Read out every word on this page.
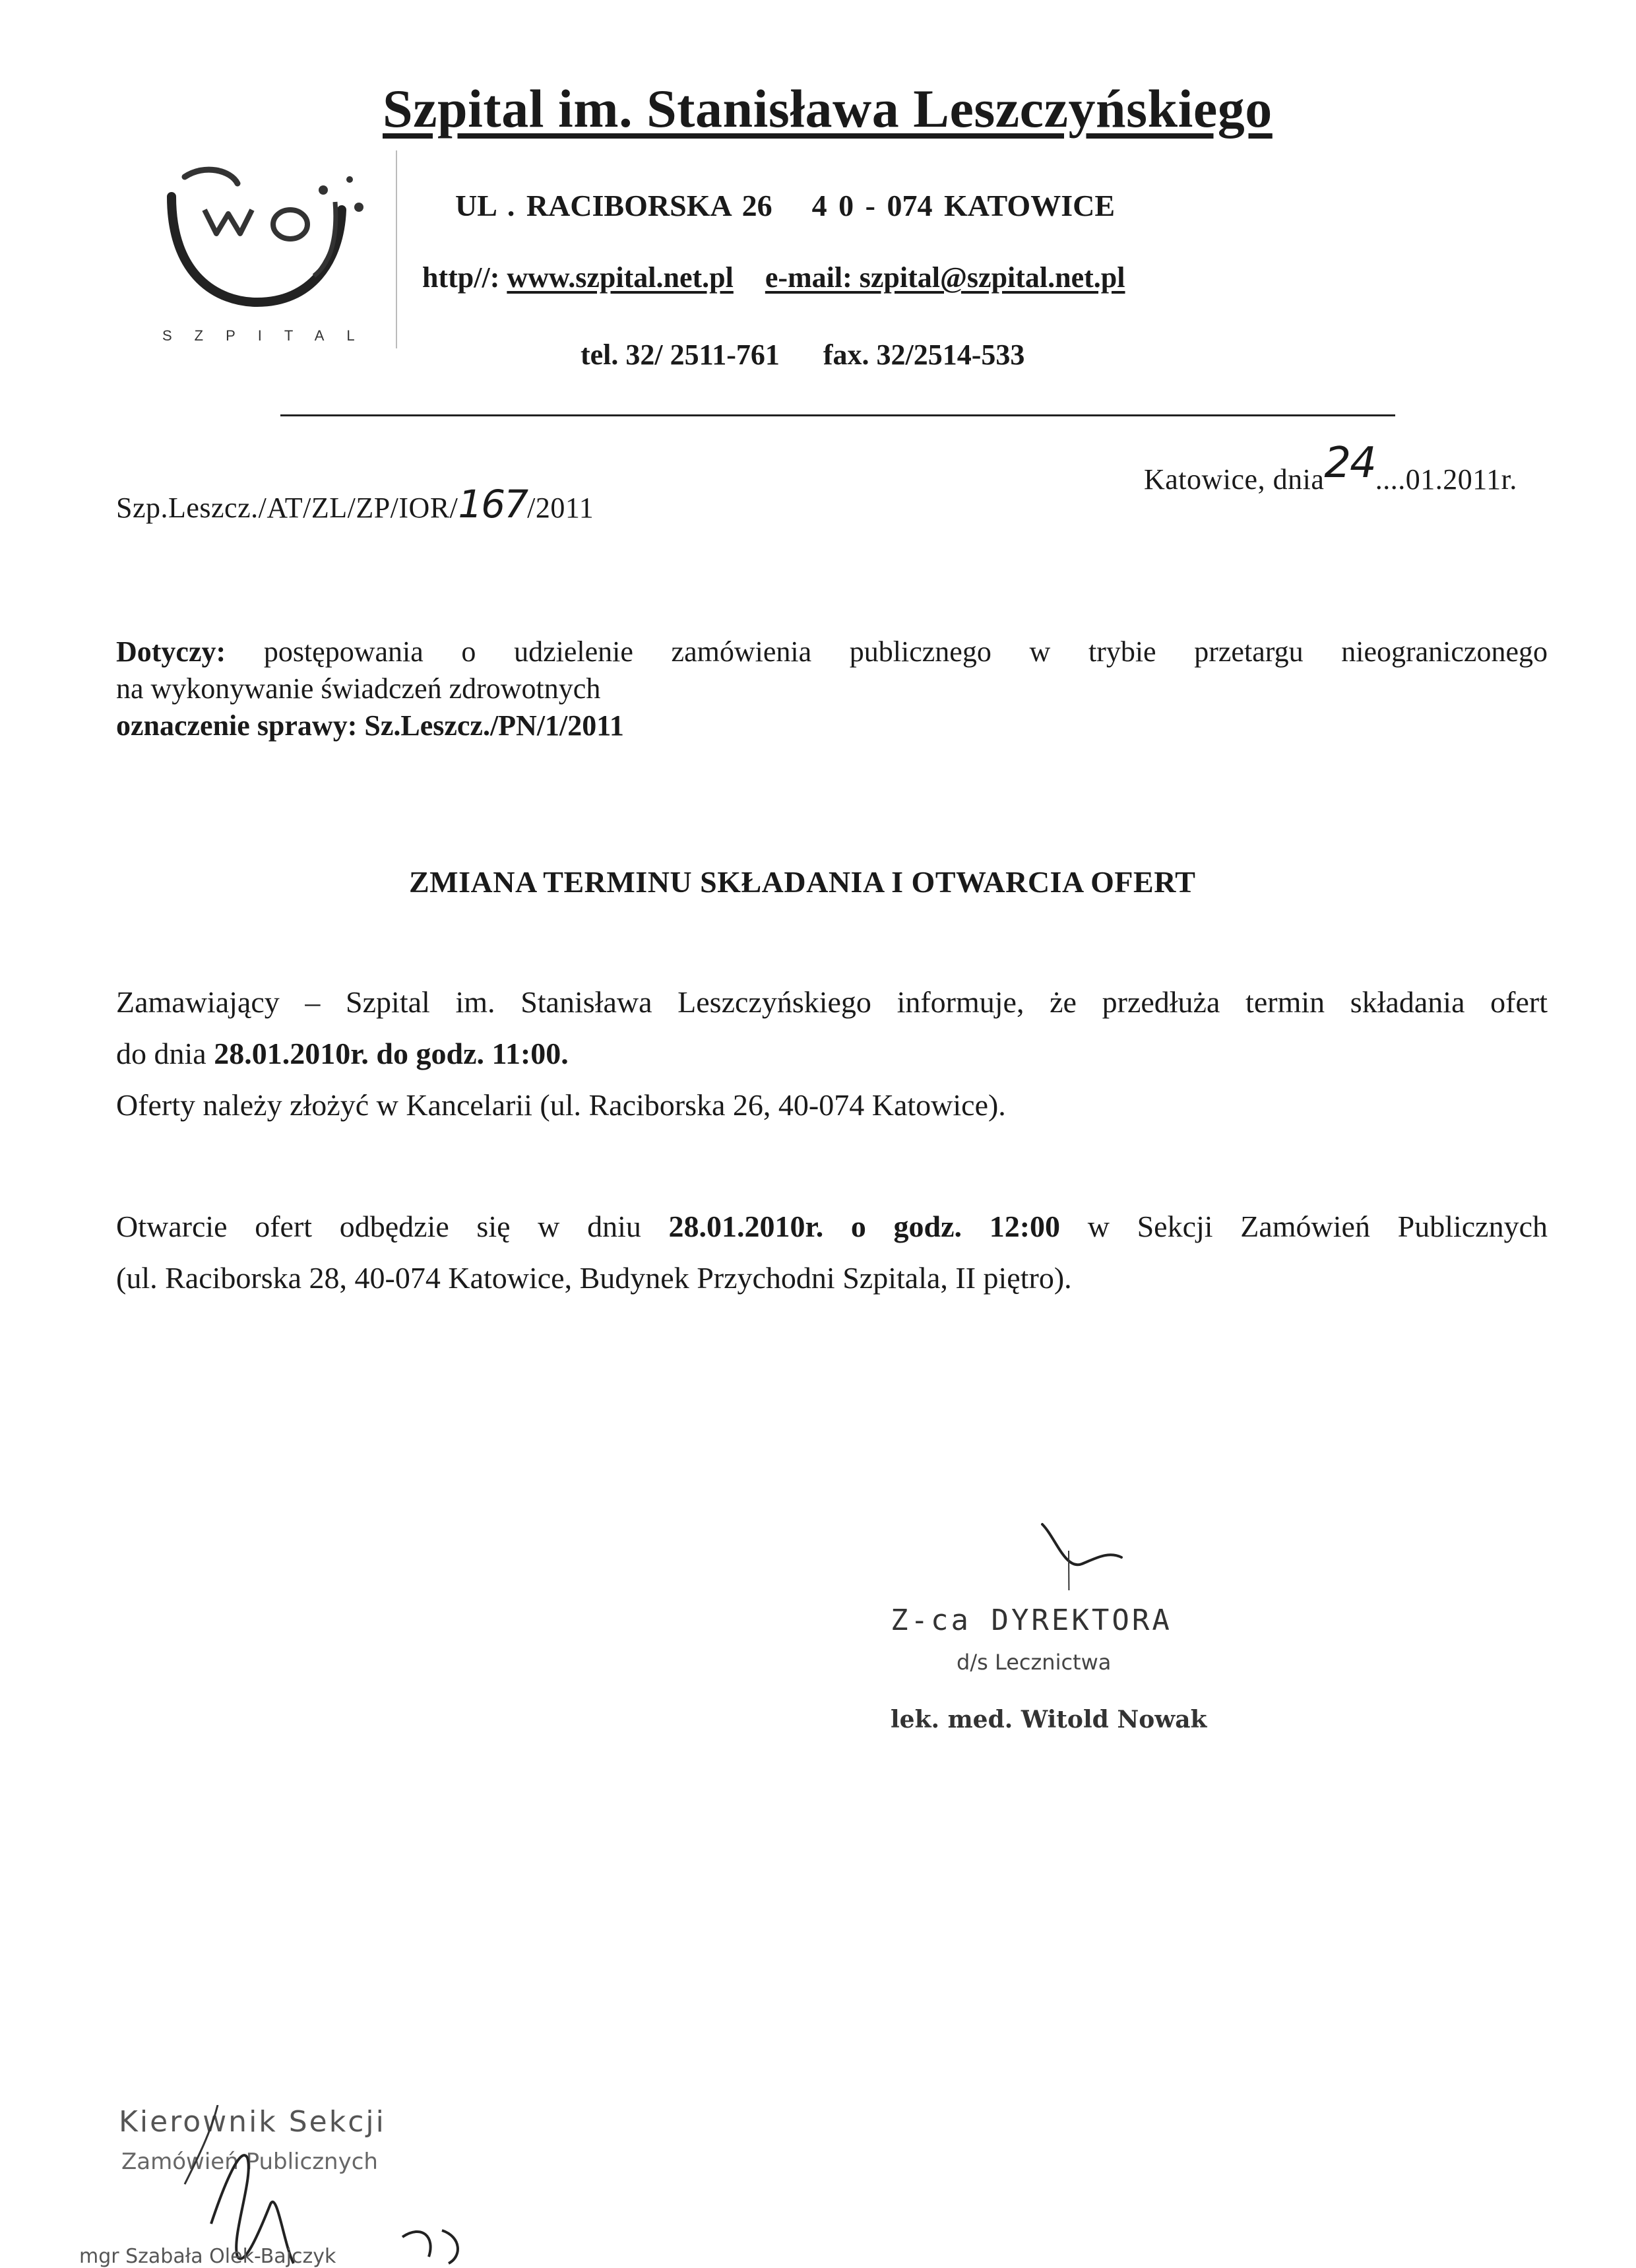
Szpital im. Stanisława Leszczyńskiego
SZPITAL
UL . RACIBORSKA 26 4 0 - 074 KATOWICE
http//: www.szpital.net.pl e-mail: szpital@szpital.net.pl
tel. 32/ 2511-761 fax. 32/2514-533
Szp.Leszcz./AT/ZL/ZP/IOR/167/2011
Katowice, dnia24....01.2011r.
Dotyczy: postępowania o udzielenie zamówienia publicznego w trybie przetargu nieograniczonego
na wykonywanie świadczeń zdrowotnych
oznaczenie sprawy: Sz.Leszcz./PN/1/2011
ZMIANA TERMINU SKŁADANIA I OTWARCIA OFERT
Zamawiający – Szpital im. Stanisława Leszczyńskiego informuje, że przedłuża termin składania ofert
do dnia 28.01.2010r. do godz. 11:00.
Oferty należy złożyć w Kancelarii (ul. Raciborska 26, 40-074 Katowice).
Otwarcie ofert odbędzie się w dniu 28.01.2010r. o godz. 12:00 w Sekcji Zamówień Publicznych
(ul. Raciborska 28, 40-074 Katowice, Budynek Przychodni Szpitala, II piętro).
Z-ca DYREKTORA
d/s Lecznictwa
lek. med. Witold Nowak
Kierownik Sekcji
Zamówień Publicznych
mgr Szabała Olek-Bajczyk
